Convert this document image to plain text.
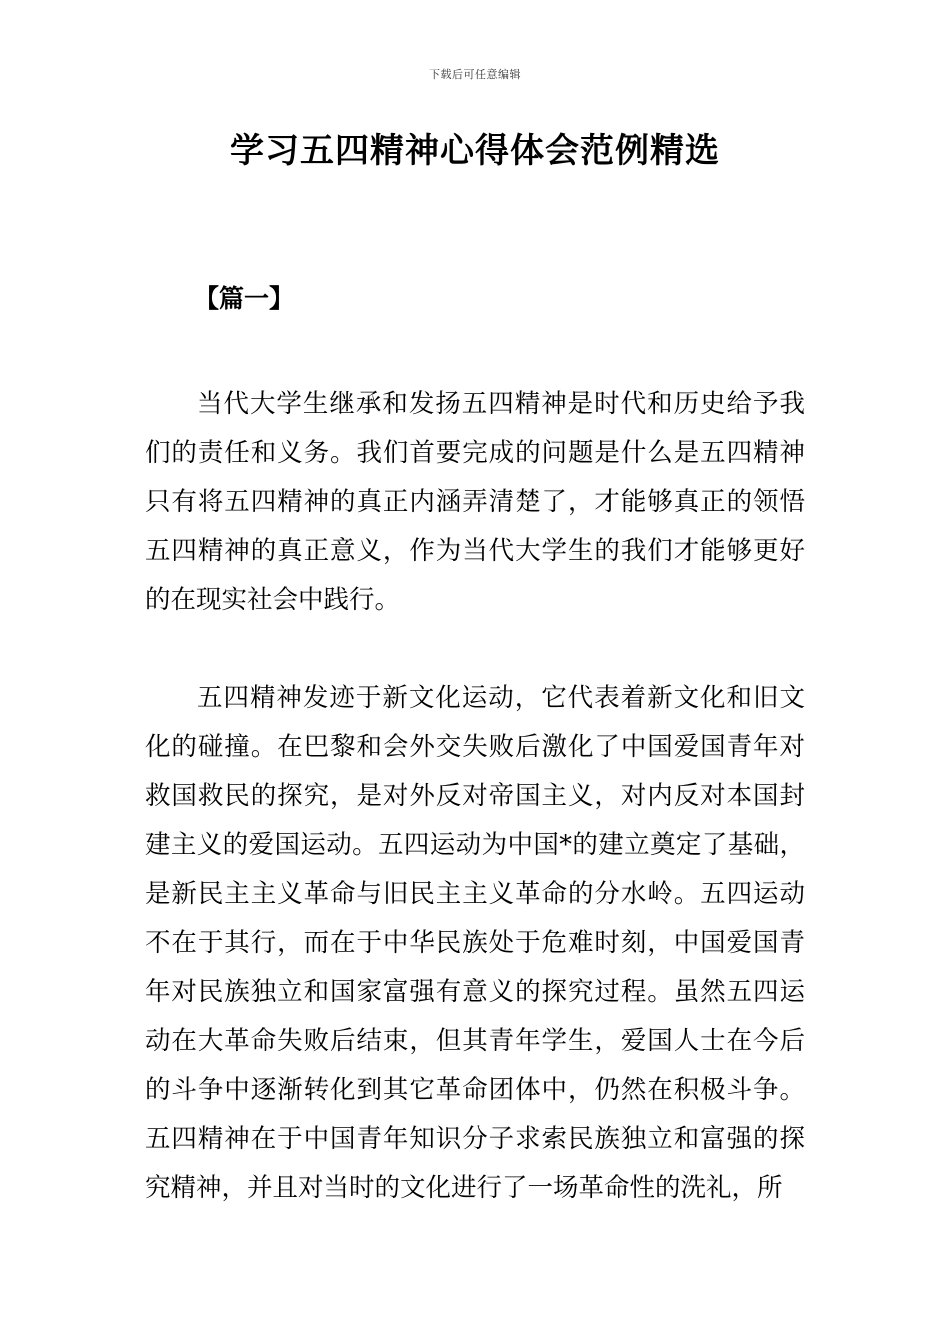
下载后可任意编辑
学习五四精神心得体会范例精选
【篇一】

当代大学生继承和发扬五四精神是时代和历史给予我们的责任和义务。我们首要完成的问题是什么是五四精神只有将五四精神的真正内涵弄清楚了，才能够真正的领悟五四精神的真正意义，作为当代大学生的我们才能够更好的在现实社会中践行。

五四精神发迹于新文化运动，它代表着新文化和旧文化的碰撞。在巴黎和会外交失败后激化了中国爱国青年对救国救民的探究，是对外反对帝国主义，对内反对本国封建主义的爱国运动。五四运动为中国*的建立奠定了基础，是新民主主义革命与旧民主主义革命的分水岭。五四运动不在于其行，而在于中华民族处于危难时刻，中国爱国青年对民族独立和国家富强有意义的探究过程。虽然五四运动在大革命失败后结束，但其青年学生，爱国人士在今后的斗争中逐渐转化到其它革命团体中，仍然在积极斗争。五四精神在于中国青年知识分子求索民族独立和富强的探究精神，并且对当时的文化进行了一场革命性的洗礼，所
